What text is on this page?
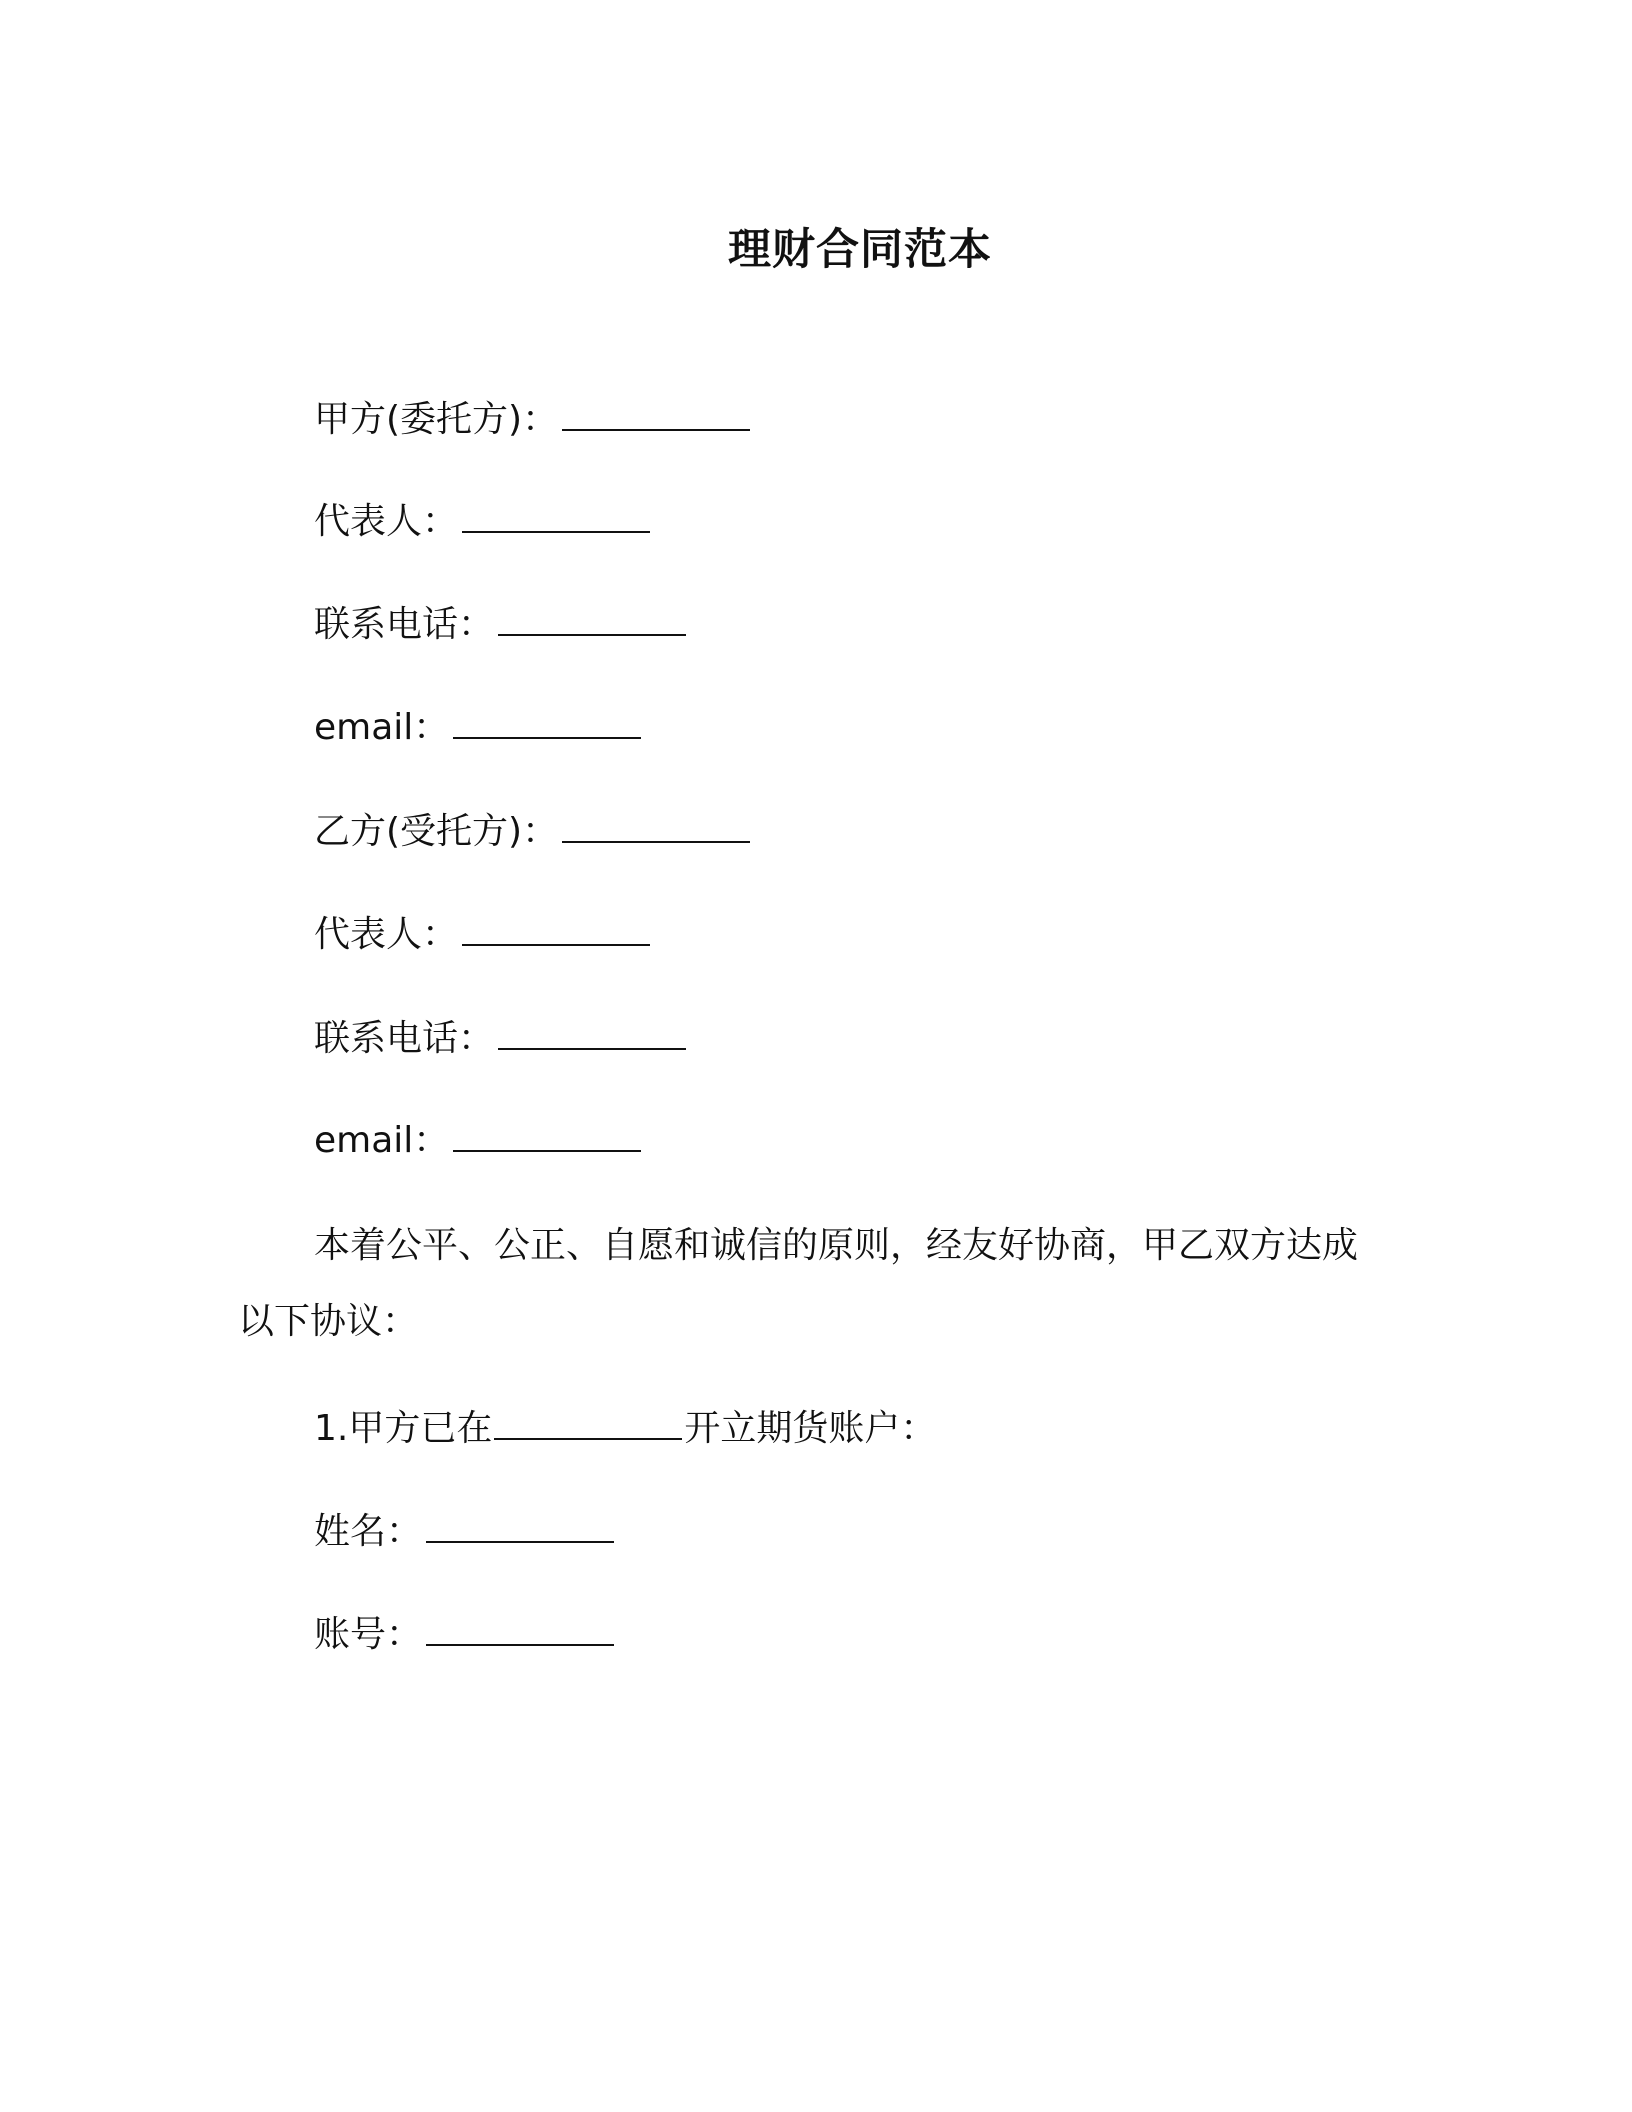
理财合同范本
甲方(委托方)：
代表人：
联系电话：
email：
乙方(受托方)：
代表人：
联系电话：
email：
本着公平、公正、自愿和诚信的原则，经友好协商，甲乙双方达成以下协议：
1.甲方已在	开立期货账户：
姓名：
账号：
